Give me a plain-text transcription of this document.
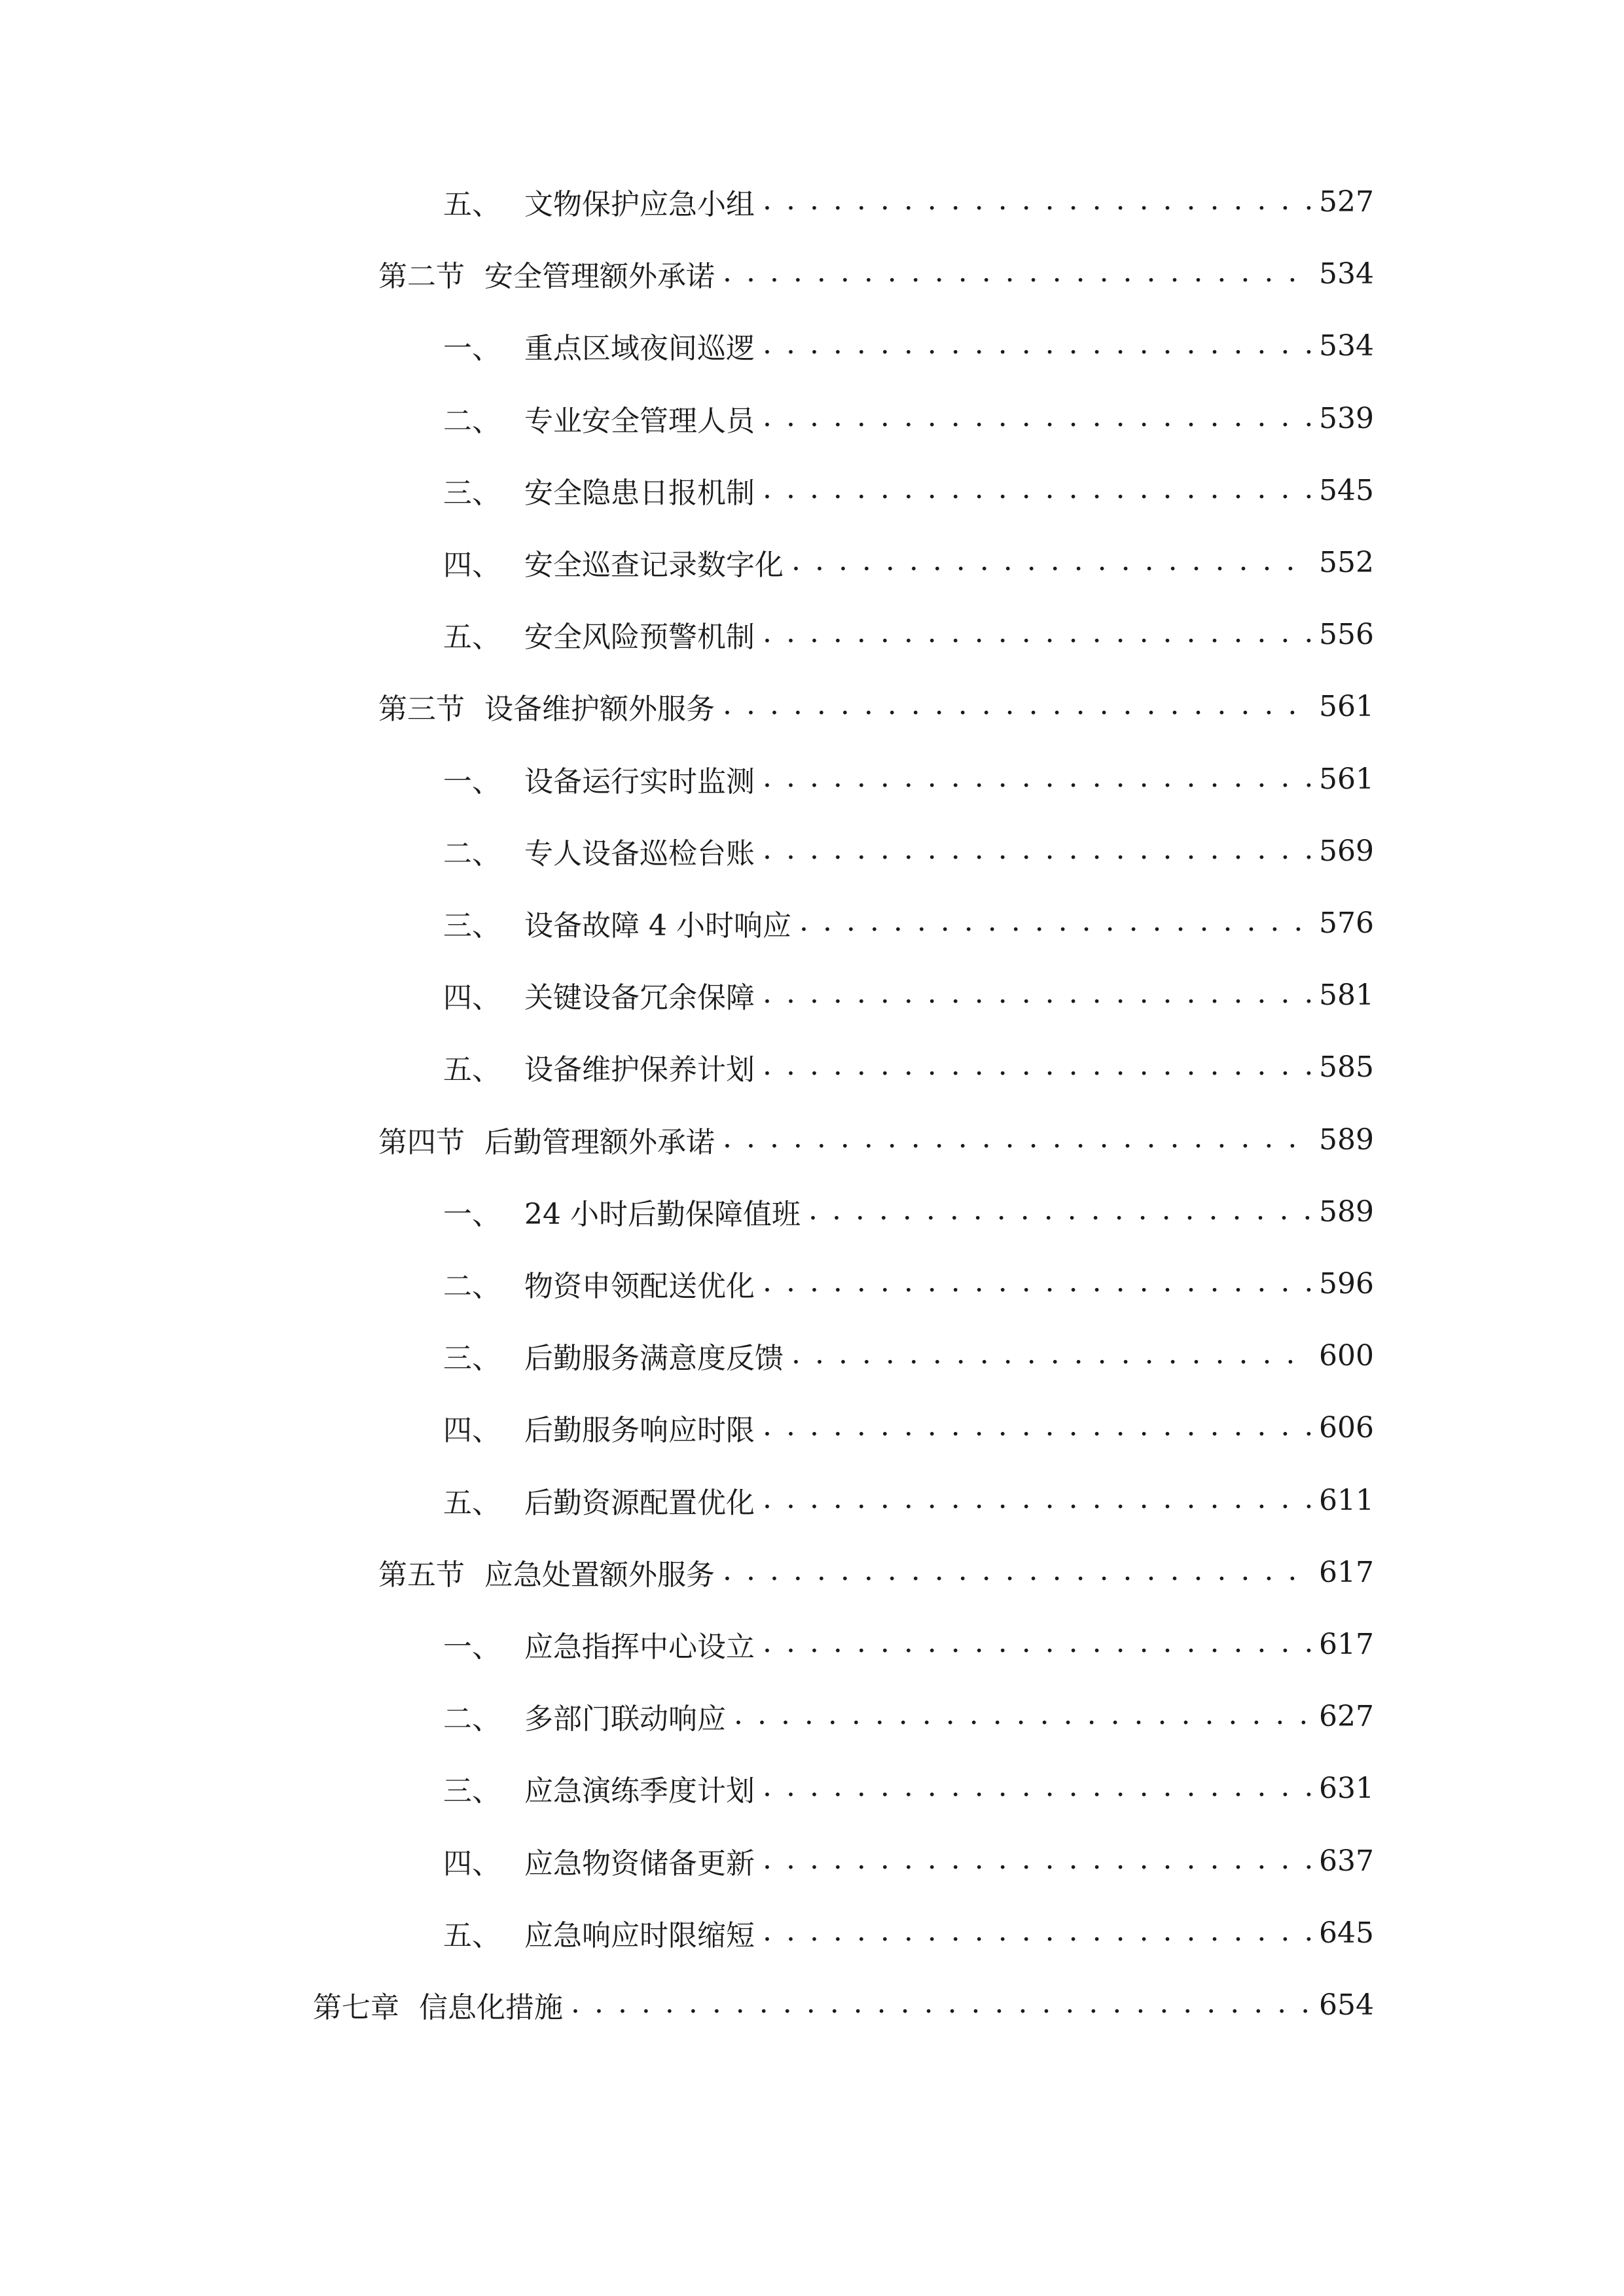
五、 文物保护应急小组 . . .	527
第二节 安全管理额外承诺 . . .	534
一、 重点区域夜间巡逻 . . .	534
二、 专业安全管理人员 . . .	539
三、 安全隐患日报机制 . . .	545
四、 安全巡查记录数字化 . . .	552
五、 安全风险预警机制 . . .	556
第三节 设备维护额外服务 . . .	561
一、 设备运行实时监测 . . .	561
二、 专人设备巡检台账 . . .	569
三、 设备故障 4 小时响应 . . .	576
四、 关键设备冗余保障 . . .	581
五、 设备维护保养计划 . . .	585
第四节 后勤管理额外承诺 . . .	589
一、 24 小时后勤保障值班 . . .	589
二、 物资申领配送优化 . . .	596
三、 后勤服务满意度反馈 . . .	600
四、 后勤服务响应时限 . . .	606
五、 后勤资源配置优化 . . .	611
第五节 应急处置额外服务 . . .	617
一、 应急指挥中心设立 . . .	617
二、 多部门联动响应 . . .	627
三、 应急演练季度计划 . . .	631
四、 应急物资储备更新 . . .	637
五、 应急响应时限缩短 . . .	645
第七章 信息化措施 . . .	654
